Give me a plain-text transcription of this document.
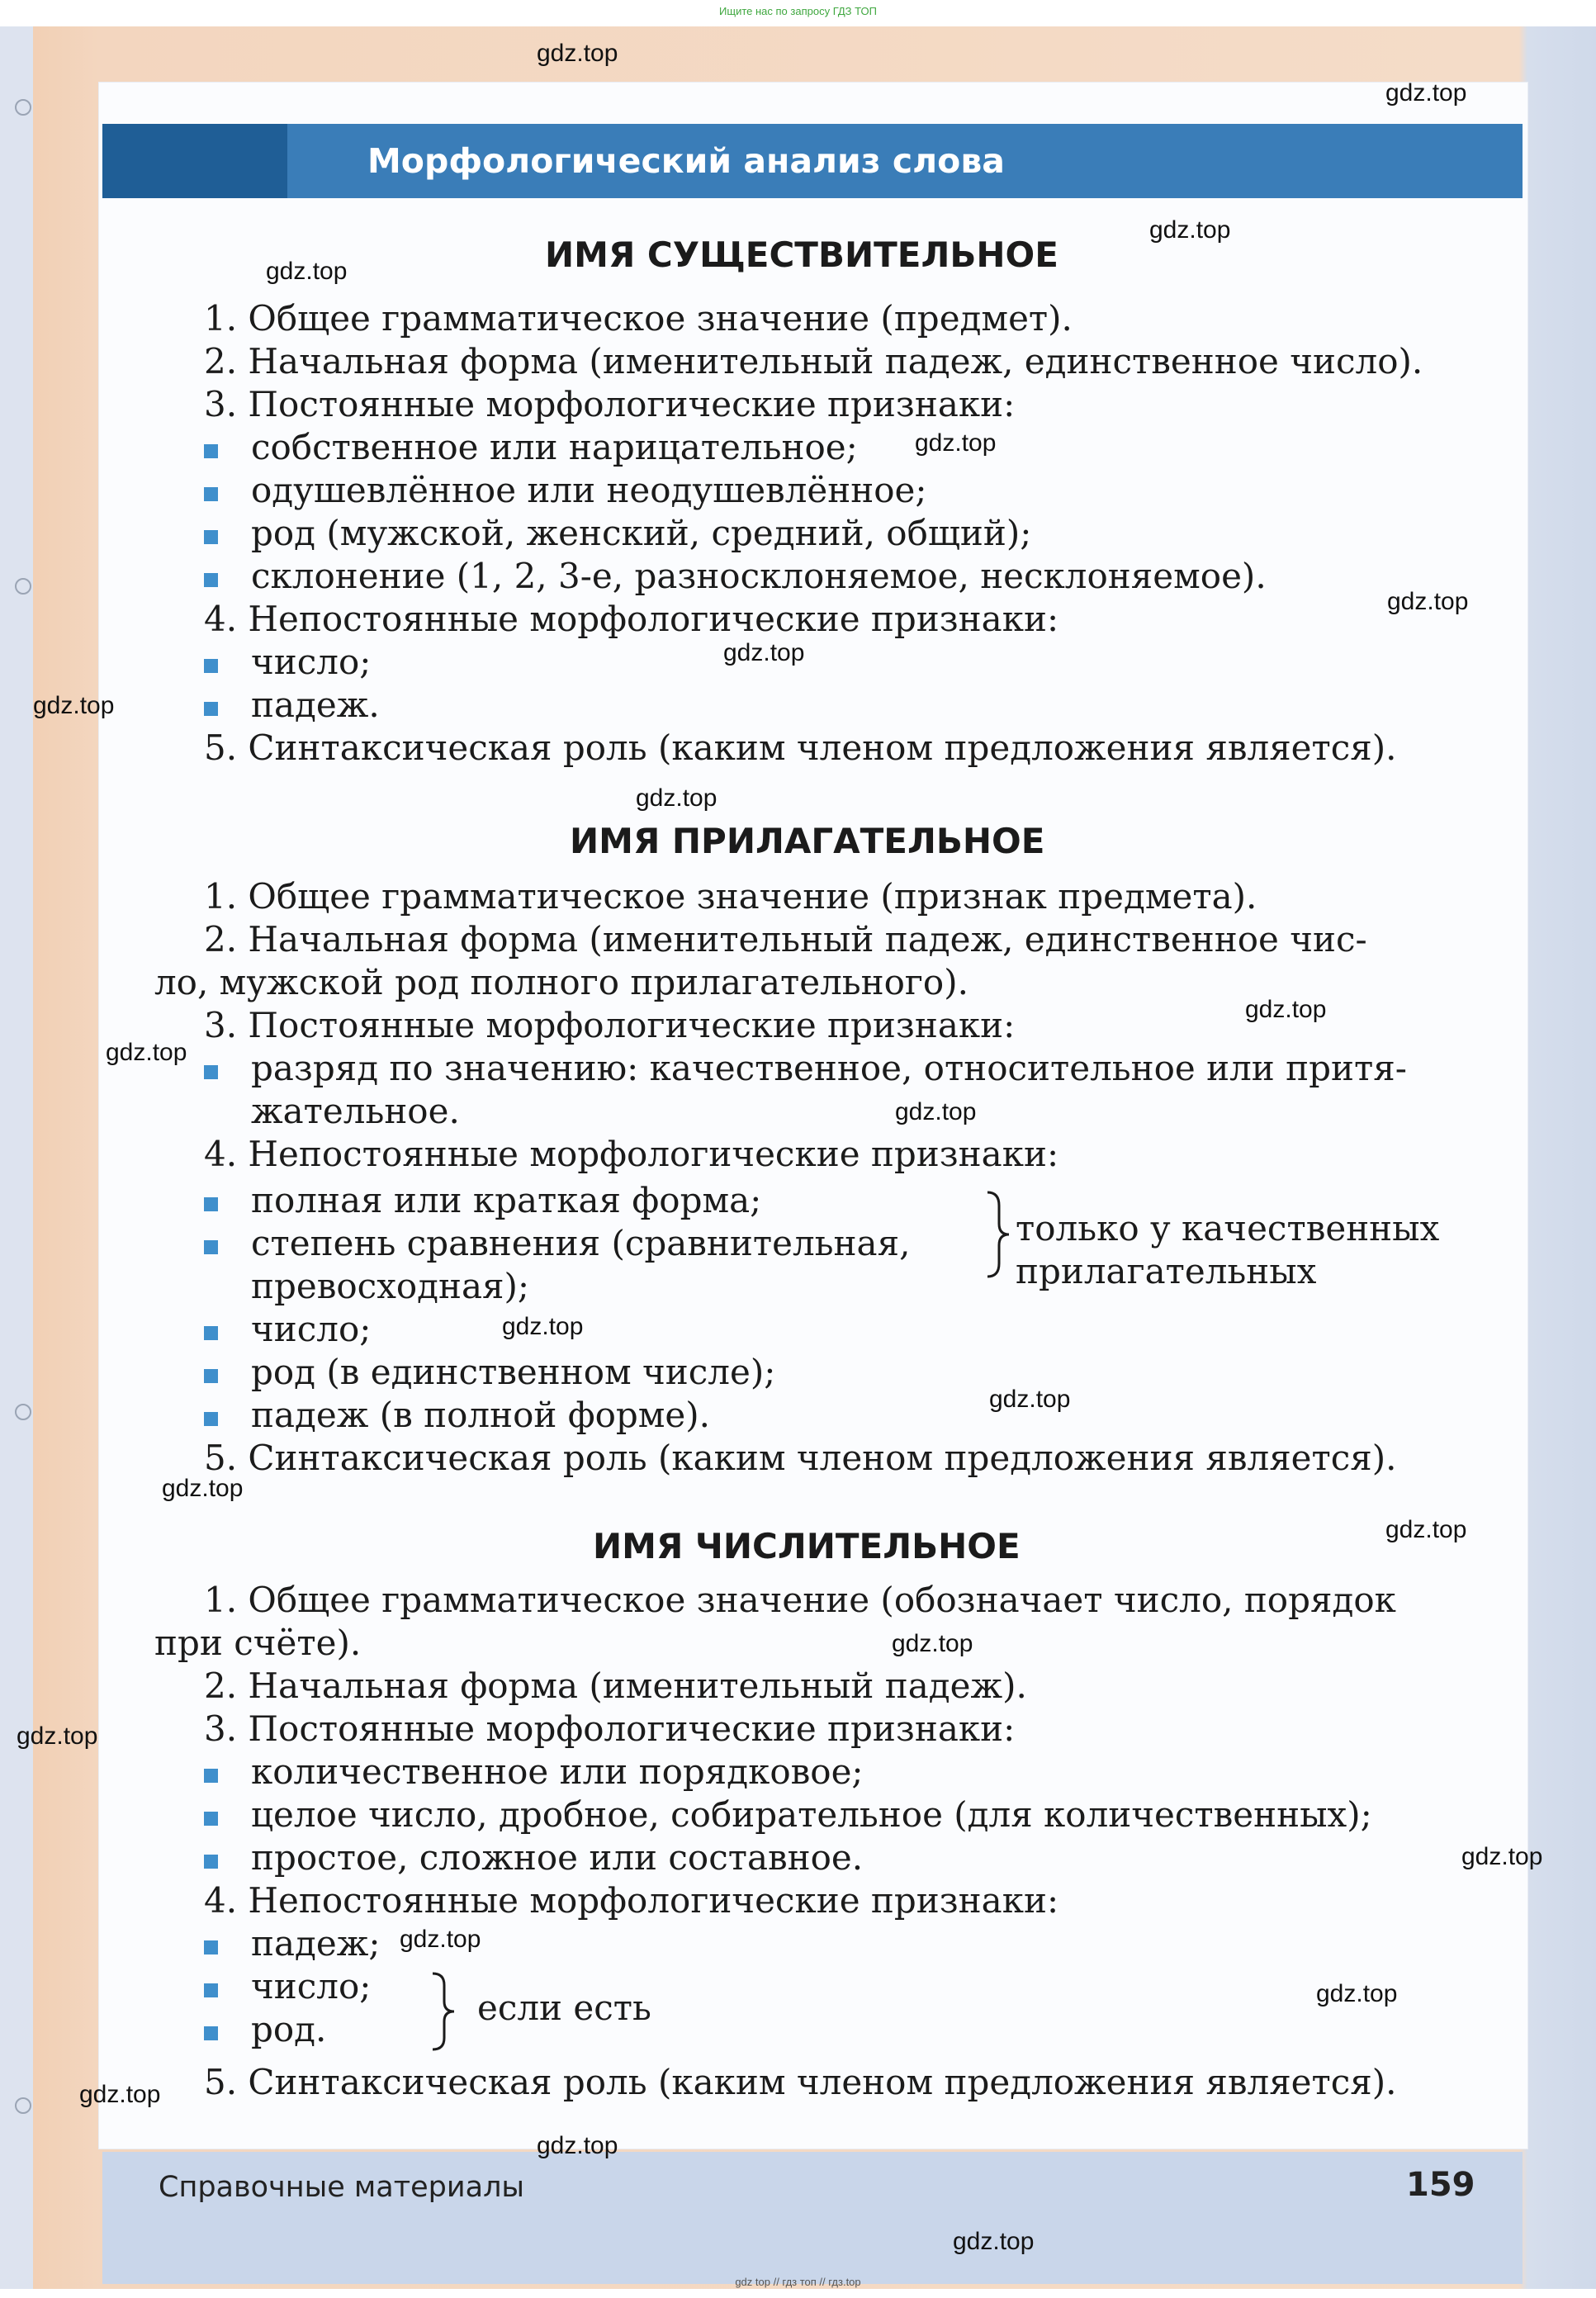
Ищите нас по запросу ГДЗ ТОП
Морфологический анализ слова
ИМЯ СУЩЕСТВИТЕЛЬНОЕ
1. Общее грамматическое значение (предмет).
2. Начальная форма (именительный падеж, единственное число).
3. Постоянные морфологические признаки:
собственное или нарицательное;
одушевлённое или неодушевлённое;
род (мужской, женский, средний, общий);
склонение (1, 2, 3-е, разносклоняемое, несклоняемое).
4. Непостоянные морфологические признаки:
число;
падеж.
5. Синтаксическая роль (каким членом предложения является).
ИМЯ ПРИЛАГАТЕЛЬНОЕ
1. Общее грамматическое значение (признак предмета).
2. Начальная форма (именительный падеж, единственное чис-
ло, мужской род полного прилагательного).
3. Постоянные морфологические признаки:
разряд по значению: качественное, относительное или притя-
жательное.
4. Непостоянные морфологические признаки:
полная или краткая форма;
степень сравнения (сравнительная,
превосходная);
только у качественных
прилагательных
число;
род (в единственном числе);
падеж (в полной форме).
5. Синтаксическая роль (каким членом предложения является).
ИМЯ ЧИСЛИТЕЛЬНОЕ
1. Общее грамматическое значение (обозначает число, порядок
при счёте).
2. Начальная форма (именительный падеж).
3. Постоянные морфологические признаки:
количественное или порядковое;
целое число, дробное, собирательное (для количественных);
простое, сложное или составное.
4. Непостоянные морфологические признаки:
падеж;
число;
род.
если есть
5. Синтаксическая роль (каким членом предложения является).
Справочные материалы	159
gdz.top
gdz.top
gdz.top
gdz.top
gdz.top
gdz.top
gdz.top
gdz.top
gdz.top
gdz.top
gdz.top
gdz.top
gdz.top
gdz.top
gdz.top
gdz.top
gdz.top
gdz.top
gdz.top
gdz.top
gdz.top
gdz.top
gdz.top
gdz.top
gdz top // гдз топ // гдз.top
